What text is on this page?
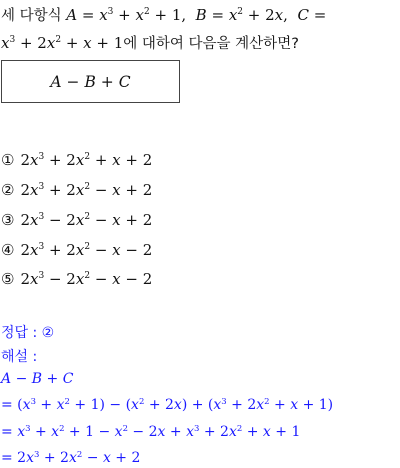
세 다항식 $A = x^3 + x^2 + 1$,  $B = x^2 + 2x$,  C =
$x^3 + 2x^2 + x + 1$에 대하여 다음을 계산하면?
A − B + C
① $2x^3 + 2x^2 + x + 2$
② $2x^3 + 2x^2 - x + 2$
③ $2x^3 - 2x^2 - x + 2$
④ $2x^3 + 2x^2 - x - 2$
⑤ $2x^3 - 2x^2 - x - 2$
정답 : ②
해설 :
A − B + C
= $(x^3 + x^2 + 1) - (x^2 + 2x) + (x^3 + 2x^2 + x + 1)$
= $x^3 + x^2 + 1 - x^2 - 2x + x^3 + 2x^2 + x + 1$
= $2x^3 + 2x^2 - x + 2$
